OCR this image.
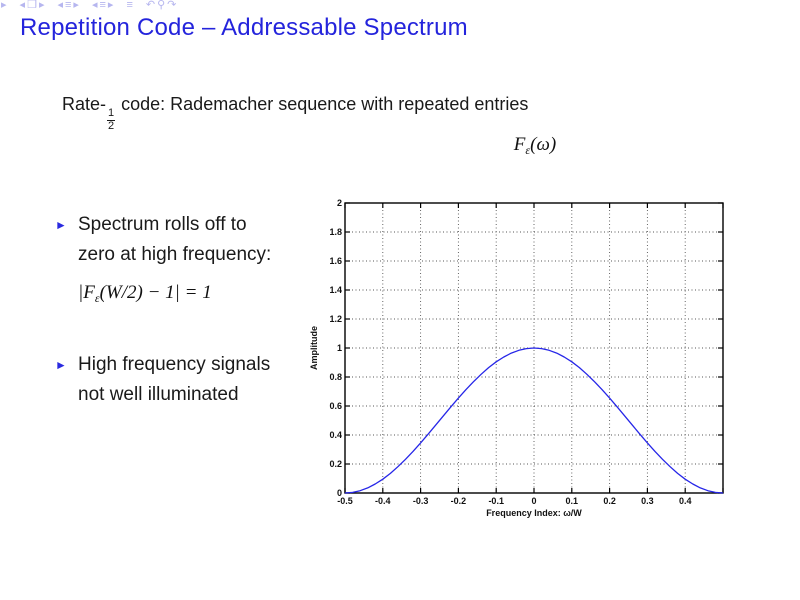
Repetition Code – Addressable Spectrum
Rate-
$\frac{1}{2}$
code: Rademacher sequence with repeated entries
$F_\varepsilon(\omega)$
► Spectrum rolls off to zero at high frequency:
$|F_\varepsilon(W/2) - 1| = 1$
► High frequency signals not well illuminated
-0.5 -0.4 -0.3 -0.2 -0.1	0	0.1	0.2	0.3	0.4
0
0.2
0.4
0.6
0.8
1
1.2
1.4
1.6
1.8
2
Frequency Index: ω/W
Amplitude
▸ ◂ ❐ ▸ ◂ ≡ ▸ ◂ ≡ ▸ ≡ ↶ ⚲ ↷
